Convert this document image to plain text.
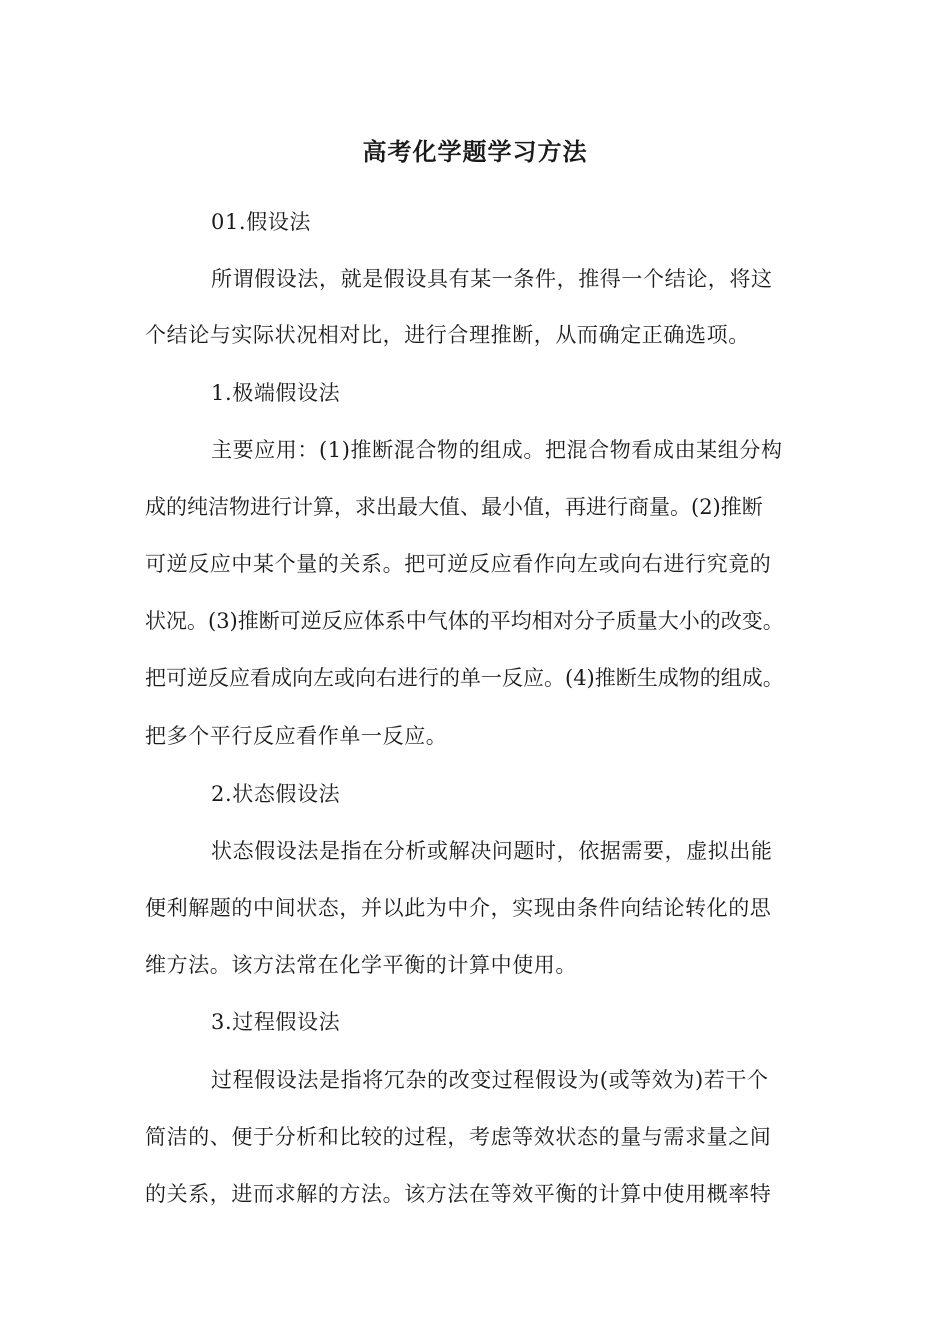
高考化学题学习方法
01.假设法
所谓假设法，就是假设具有某一条件，推得一个结论，将这
个结论与实际状况相对比，进行合理推断，从而确定正确选项。
1.极端假设法
主要应用：(1)推断混合物的组成。把混合物看成由某组分构
成的纯洁物进行计算，求出最大值、最小值，再进行商量。(2)推断
可逆反应中某个量的关系。把可逆反应看作向左或向右进行究竟的
状况。(3)推断可逆反应体系中气体的平均相对分子质量大小的改变。
把可逆反应看成向左或向右进行的单一反应。(4)推断生成物的组成。
把多个平行反应看作单一反应。
2.状态假设法
状态假设法是指在分析或解决问题时，依据需要，虚拟出能
便利解题的中间状态，并以此为中介，实现由条件向结论转化的思
维方法。该方法常在化学平衡的计算中使用。
3.过程假设法
过程假设法是指将冗杂的改变过程假设为(或等效为)若干个
简洁的、便于分析和比较的过程，考虑等效状态的量与需求量之间
的关系，进而求解的方法。该方法在等效平衡的计算中使用概率特
